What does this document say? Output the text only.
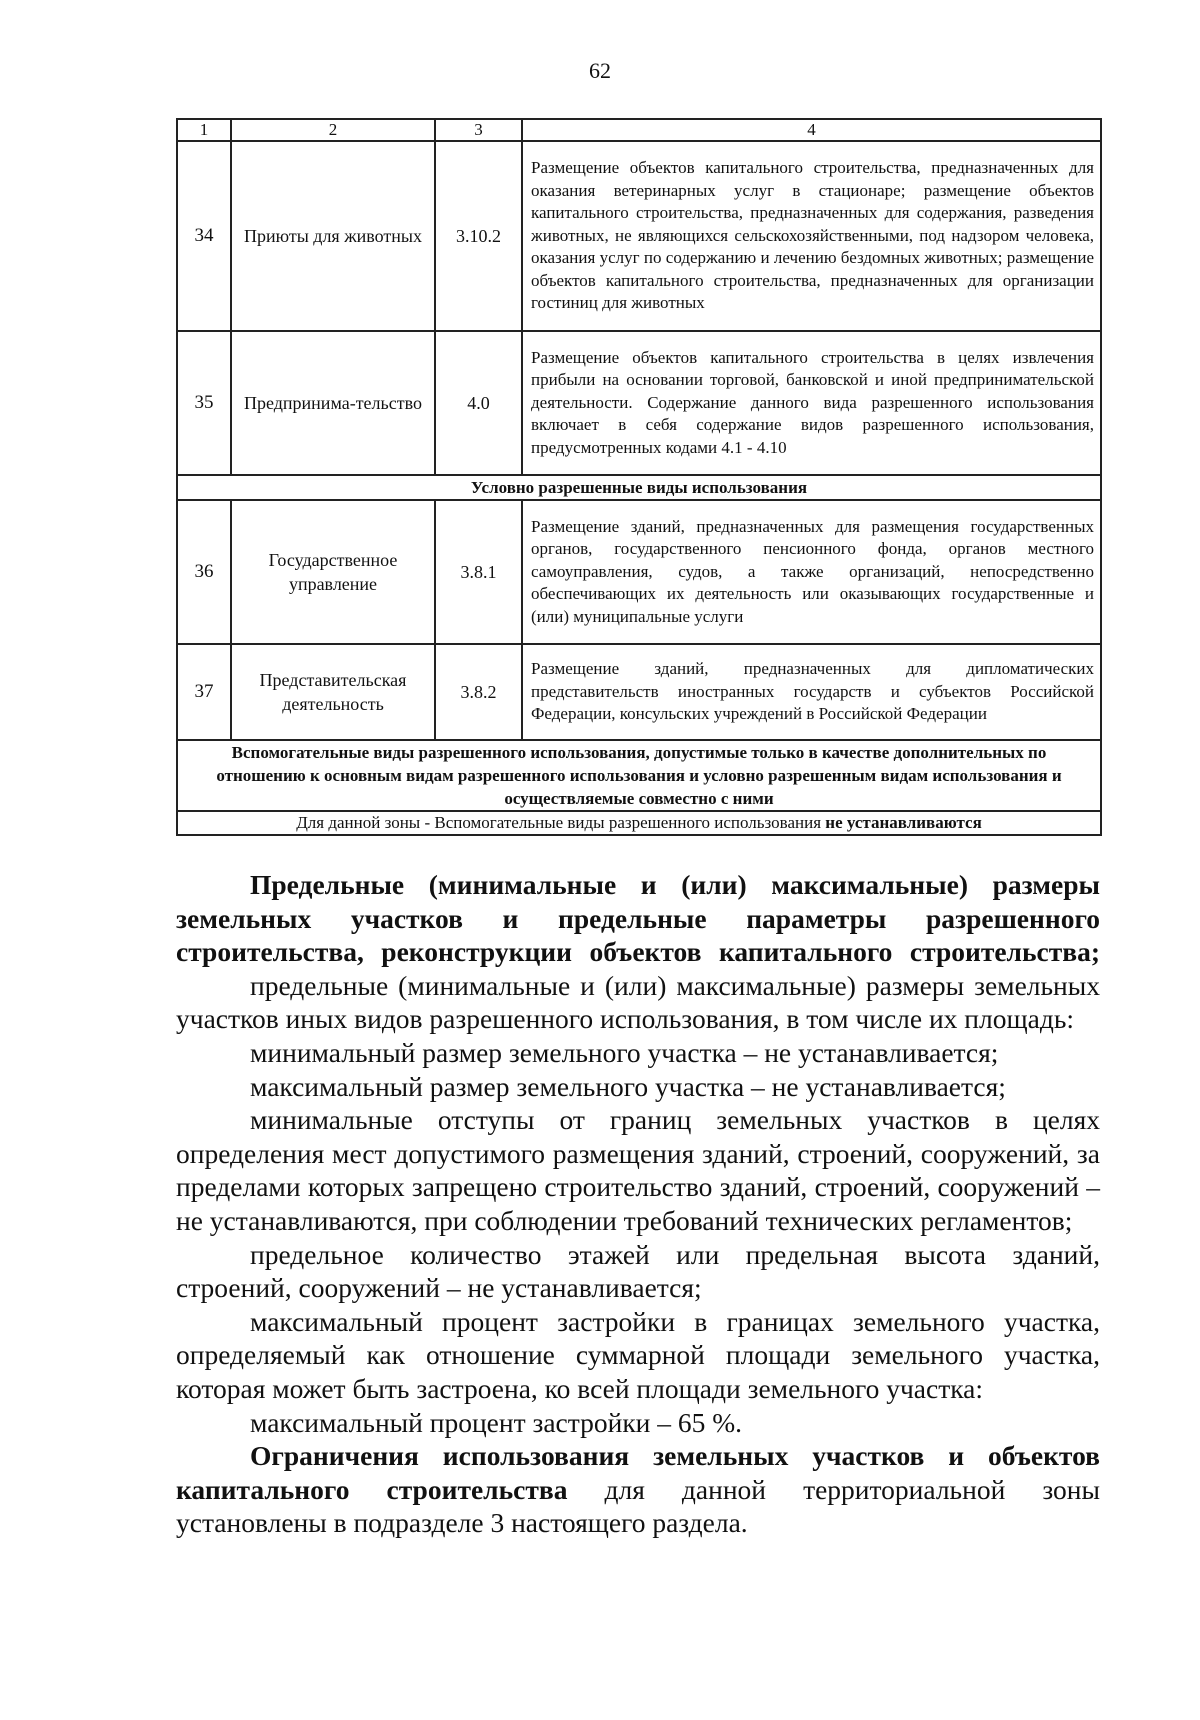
62
1	2	3	4
34	Приюты для животных	3.10.2	Размещение объектов капитального строительства, предназначенных для оказания ветеринарных услуг в стационаре; размещение объектов капитального строительства, предназначенных для содержания, разведения животных, не являющихся сельскохозяйственными, под надзором человека, оказания услуг по содержанию и лечению бездомных животных; размещение объектов капитального строительства, предназначенных для организации гостиниц для животных
35	Предпринима-тельство	4.0	Размещение объектов капитального строительства в целях извлечения прибыли на основании торговой, банковской и иной предпринимательской деятельности. Содержание данного вида разрешенного использования включает в себя содержание видов разрешенного использования, предусмотренных кодами 4.1 - 4.10
Условно разрешенные виды использования			
36	Государственное управление	3.8.1	Размещение зданий, предназначенных для размещения государственных органов, государственного пенсионного фонда, органов местного самоуправления, судов, а также организаций, непосредственно обеспечивающих их деятельность или оказывающих государственные и (или) муниципальные услуги
37	Представительская деятельность	3.8.2	Размещение зданий, предназначенных для дипломатических представительств иностранных государств и субъектов Российской Федерации, консульских учреждений в Российской Федерации
Вспомогательные виды разрешенного использования, допустимые только в качестве дополнительных по отношению к основным видам разрешенного использования и условно разрешенным видам использования и осуществляемые совместно с ними			
Для данной зоны - Вспомогательные виды разрешенного использования не устанавливаются			

Предельные (минимальные и (или) максимальные) размеры земельных участков и предельные параметры разрешенного строительства, реконструкции объектов капитального строительства;

предельные (минимальные и (или) максимальные) размеры земельных участков иных видов разрешенного использования, в том числе их площадь:

минимальный размер земельного участка – не устанавливается;

максимальный размер земельного участка – не устанавливается;

минимальные отступы от границ земельных участков в целях определения мест допустимого размещения зданий, строений, сооружений, за пределами которых запрещено строительство зданий, строений, сооружений – не устанавливаются, при соблюдении требований технических регламентов;

предельное количество этажей или предельная высота зданий, строений, сооружений – не устанавливается;

максимальный процент застройки в границах земельного участка, определяемый как отношение суммарной площади земельного участка, которая может быть застроена, ко всей площади земельного участка:

максимальный процент застройки – 65 %.

Ограничения использования земельных участков и объектов капитального строительства для данной территориальной зоны установлены в подразделе 3 настоящего раздела.
